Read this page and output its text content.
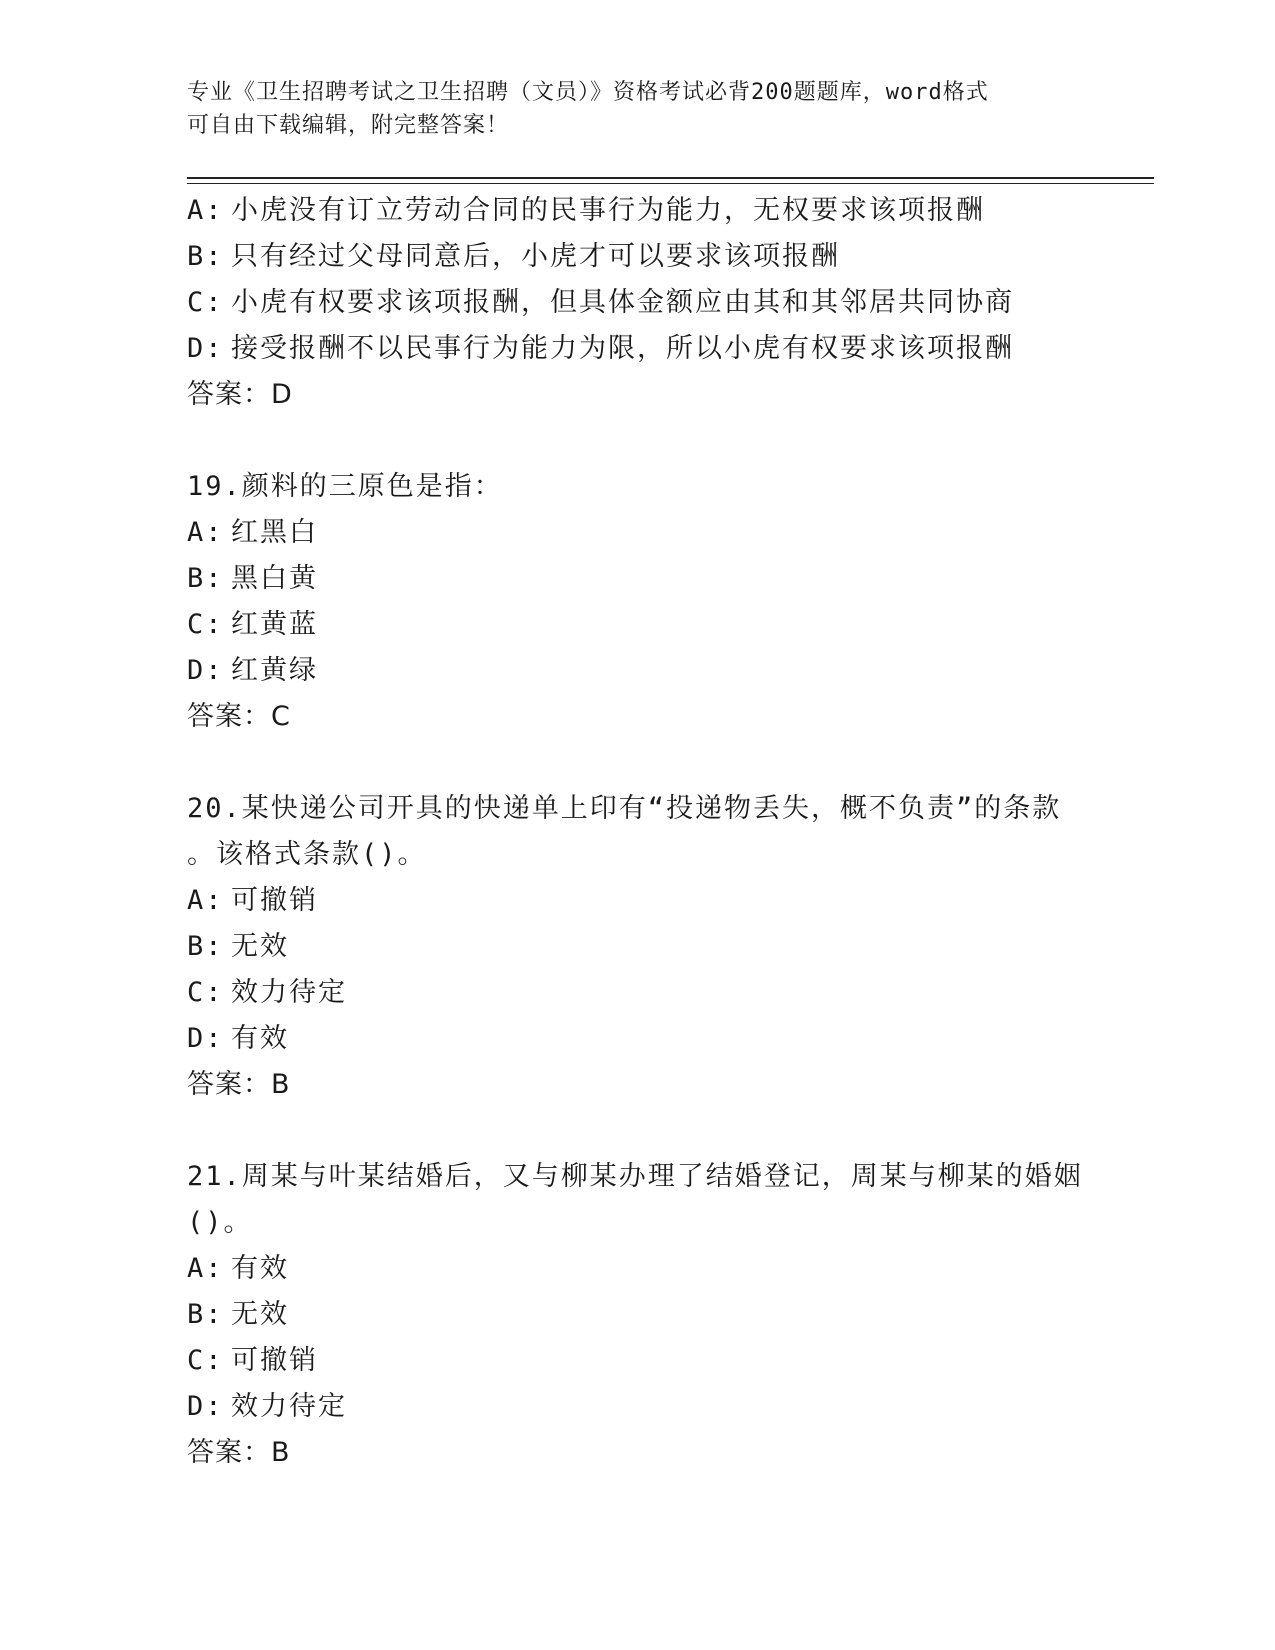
专业《卫生招聘考试之卫生招聘（文员）》资格考试必背200题题库，word格式
可自由下载编辑，附完整答案！
A: 小虎没有订立劳动合同的民事行为能力，无权要求该项报酬
B: 只有经过父母同意后，小虎才可以要求该项报酬
C: 小虎有权要求该项报酬，但具体金额应由其和其邻居共同协商
D: 接受报酬不以民事行为能力为限，所以小虎有权要求该项报酬
答案：D
19.颜料的三原色是指：
A: 红黑白
B: 黑白黄
C: 红黄蓝
D: 红黄绿
答案：C
20.某快递公司开具的快递单上印有“投递物丢失，概不负责”的条款
。该格式条款()。
A: 可撤销
B: 无效
C: 效力待定
D: 有效
答案：B
21.周某与叶某结婚后，又与柳某办理了结婚登记，周某与柳某的婚姻
()。
A: 有效
B: 无效
C: 可撤销
D: 效力待定
答案：B
